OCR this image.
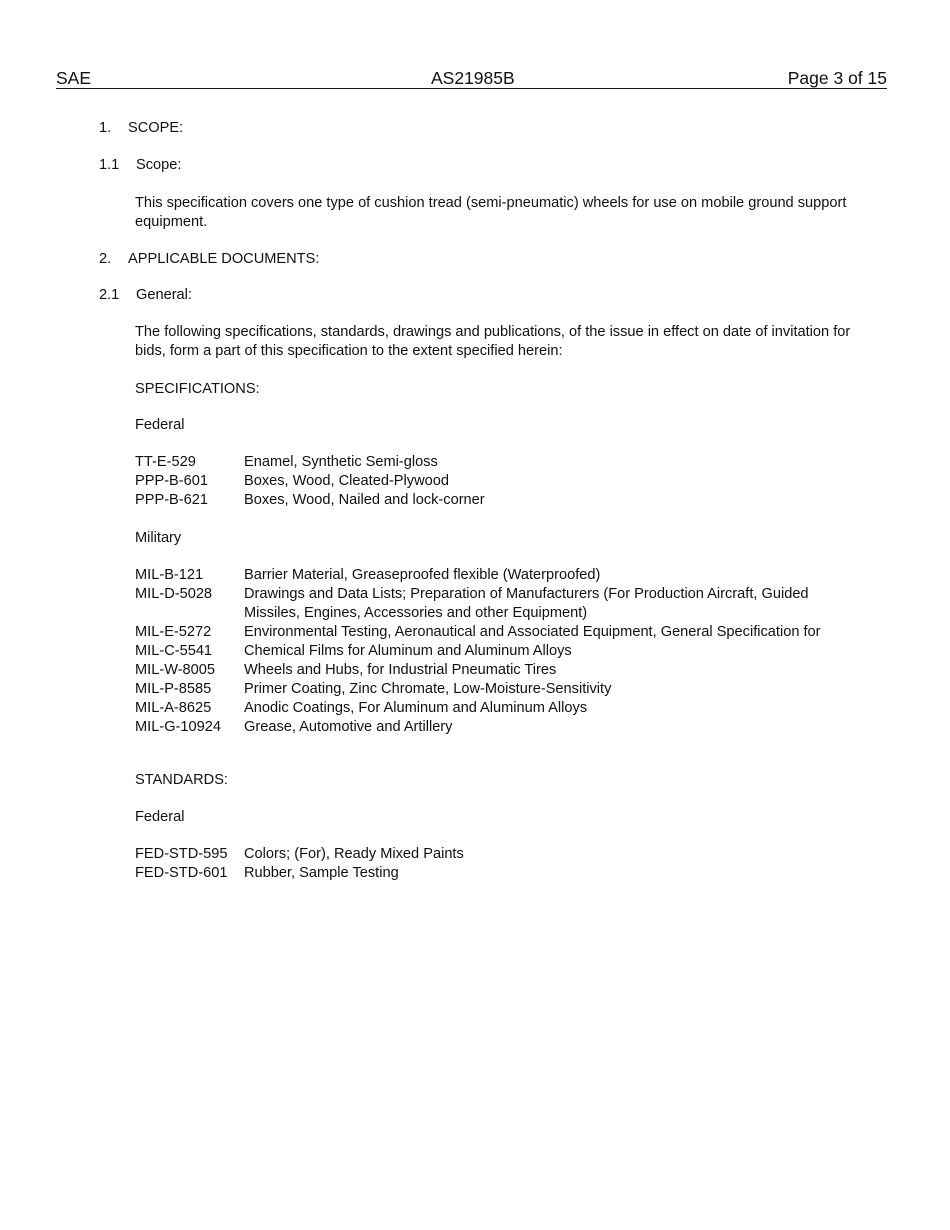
SAE	AS21985B	Page 3 of 15
1. SCOPE:
1.1 Scope:
This specification covers one type of cushion tread (semi-pneumatic) wheels for use on mobile ground support equipment.
2. APPLICABLE DOCUMENTS:
2.1 General:
The following specifications, standards, drawings and publications, of the issue in effect on date of invitation for bids, form a part of this specification to the extent specified herein:
SPECIFICATIONS:
Federal
TT-E-529	Enamel, Synthetic Semi-gloss
PPP-B-601	Boxes, Wood, Cleated-Plywood
PPP-B-621	Boxes, Wood, Nailed and lock-corner
Military
MIL-B-121	Barrier Material, Greaseproofed flexible (Waterproofed)
MIL-D-5028	Drawings and Data Lists; Preparation of Manufacturers (For Production Aircraft, Guided Missiles, Engines, Accessories and other Equipment)
MIL-E-5272	Environmental Testing, Aeronautical and Associated Equipment, General Specification for
MIL-C-5541	Chemical Films for Aluminum and Aluminum Alloys
MIL-W-8005	Wheels and Hubs, for Industrial Pneumatic Tires
MIL-P-8585	Primer Coating, Zinc Chromate, Low-Moisture-Sensitivity
MIL-A-8625	Anodic Coatings, For Aluminum and Aluminum Alloys
MIL-G-10924	Grease, Automotive and Artillery
STANDARDS:
Federal
FED-STD-595	Colors; (For), Ready Mixed Paints
FED-STD-601	Rubber, Sample Testing
